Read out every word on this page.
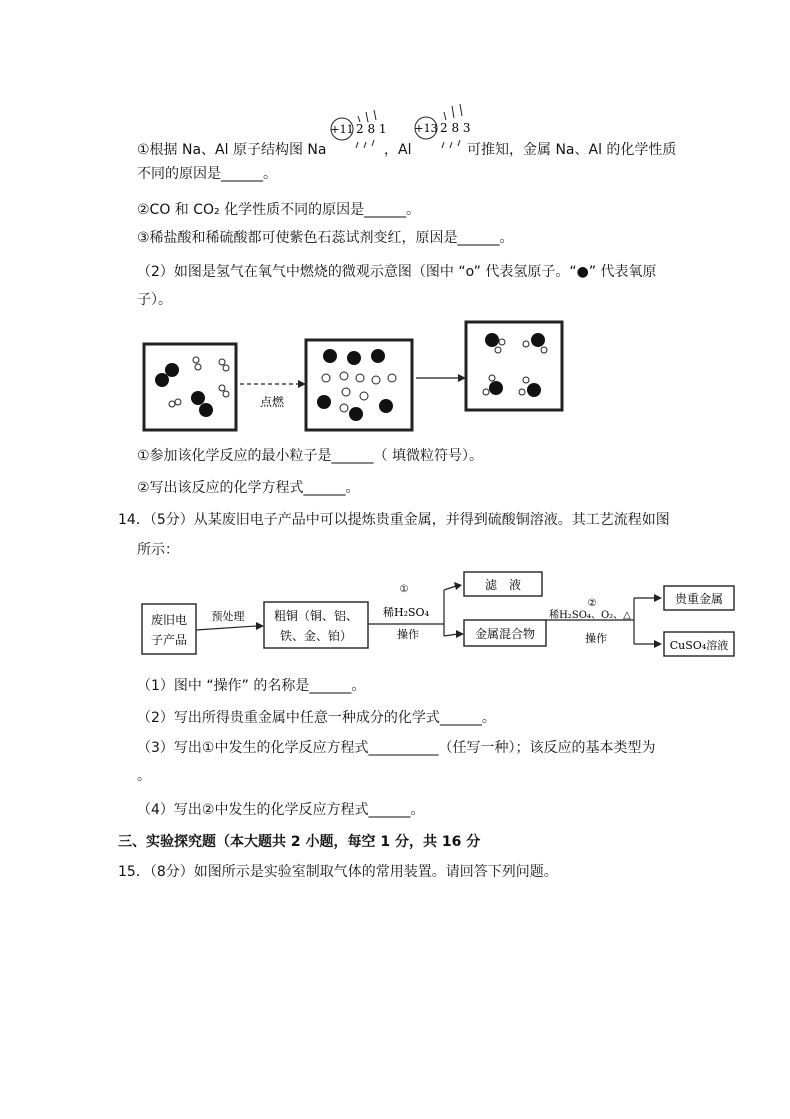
+11 2 8 1	+13 2 8 3
①根据 Na、Al 原子结构图 Na	，Al	可推知，金属 Na、Al 的化学性质
不同的原因是______。
②CO 和 CO₂ 化学性质不同的原因是______。
③稀盐酸和稀硫酸都可使紫色石蕊试剂变红，原因是______。
（2）如图是氢气在氧气中燃烧的微观示意图（图中 “o” 代表氢原子。“●” 代表氧原
子）。
点燃
①参加该化学反应的最小粒子是______（ 填微粒符号）。
②写出该反应的化学方程式______。
14．（5分）从某废旧电子产品中可以提炼贵重金属，并得到硫酸铜溶液。其工艺流程如图
所示：
废旧电
子产品
预处理 粗铜（铜、铝、
铁、金、铂）
①
稀H₂SO₄
操作
滤　液
金属混合物
②
稀H₂SO₄、O₂、△
操作
贵重金属
CuSO₄溶液
（1）图中 “操作” 的名称是______。
（2）写出所得贵重金属中任意一种成分的化学式______。
（3）写出①中发生的化学反应方程式__________（任写一种）；该反应的基本类型为
。
（4）写出②中发生的化学反应方程式______。
三、实验探究题（本大题共 2 小题，每空 1 分，共 16 分
15．（8分）如图所示是实验室制取气体的常用装置。请回答下列问题。
